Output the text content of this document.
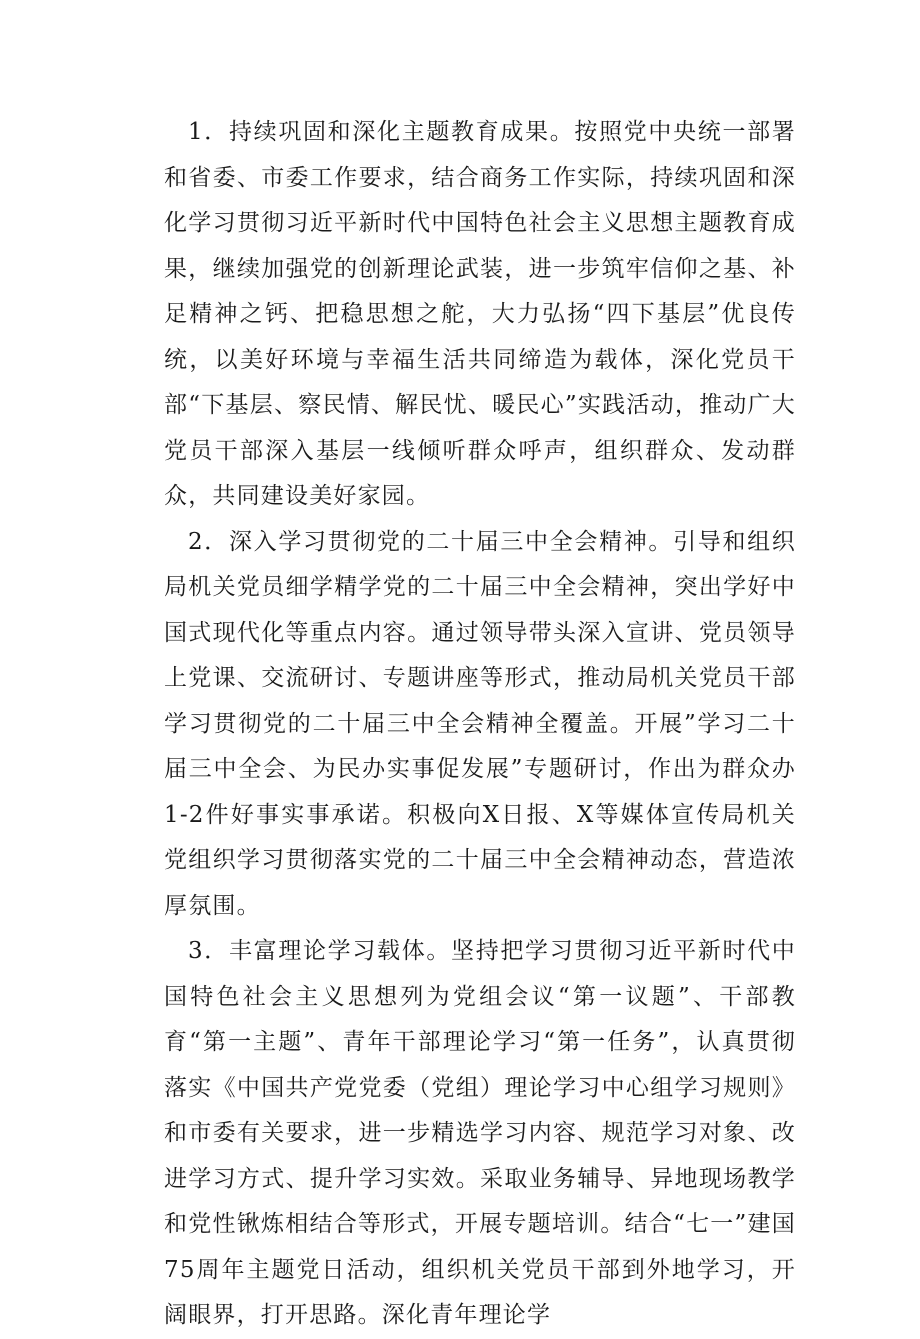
1．持续巩固和深化主题教育成果。按照党中央统一部署和省委、市委工作要求，结合商务工作实际，持续巩固和深化学习贯彻习近平新时代中国特色社会主义思想主题教育成果，继续加强党的创新理论武装，进一步筑牢信仰之基、补足精神之钙、把稳思想之舵，大力弘扬“四下基层”优良传统，以美好环境与幸福生活共同缔造为载体，深化党员干部“下基层、察民情、解民忧、暖民心”实践活动，推动广大党员干部深入基层一线倾听群众呼声，组织群众、发动群众，共同建设美好家园。

2．深入学习贯彻党的二十届三中全会精神。引导和组织局机关党员细学精学党的二十届三中全会精神，突出学好中国式现代化等重点内容。通过领导带头深入宣讲、党员领导上党课、交流研讨、专题讲座等形式，推动局机关党员干部学习贯彻党的二十届三中全会精神全覆盖。开展”学习二十届三中全会、为民办实事促发展”专题研讨，作出为群众办1-2件好事实事承诺。积极向X日报、X等媒体宣传局机关党组织学习贯彻落实党的二十届三中全会精神动态，营造浓厚氛围。

3．丰富理论学习载体。坚持把学习贯彻习近平新时代中国特色社会主义思想列为党组会议“第一议题”、干部教育“第一主题”、青年干部理论学习“第一任务”，认真贯彻落实《中国共产党党委（党组）理论学习中心组学习规则》和市委有关要求，进一步精选学习内容、规范学习对象、改进学习方式、提升学习实效。采取业务辅导、异地现场教学和党性锹炼相结合等形式，开展专题培训。结合“七一”建国75周年主题党日活动，组织机关党员干部到外地学习，开阔眼界，打开思路。深化青年理论学
